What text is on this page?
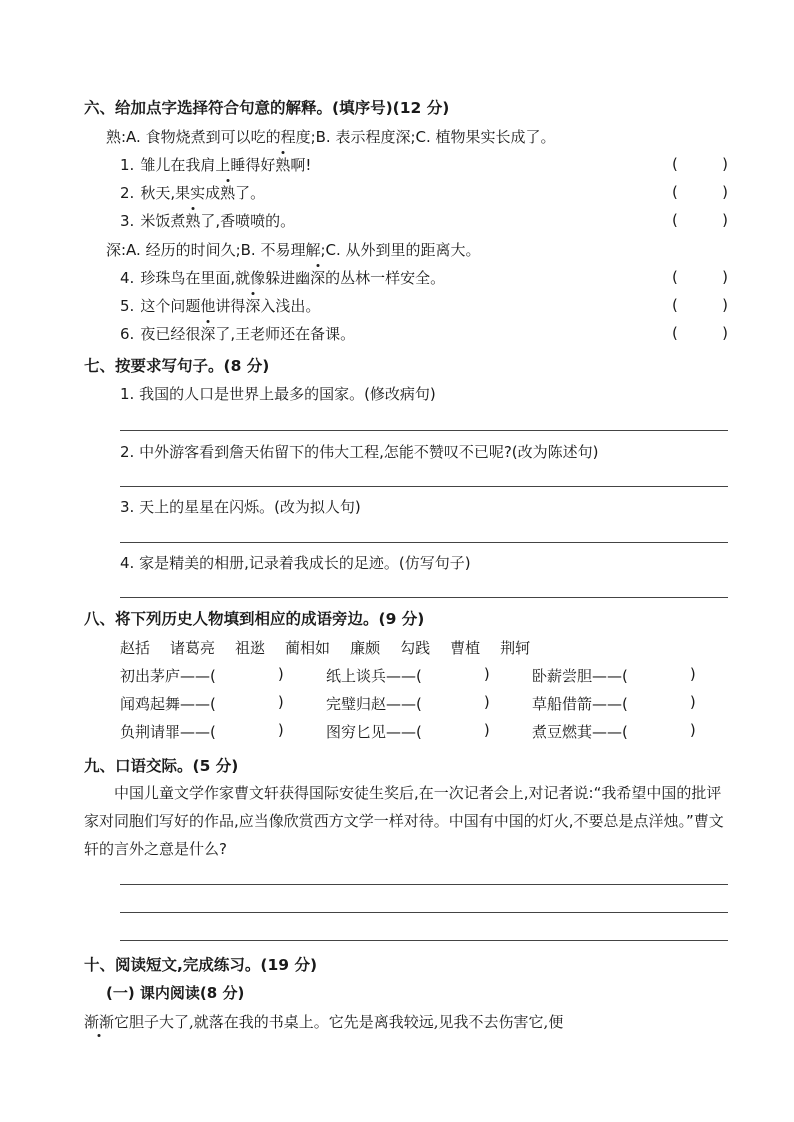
六、给加点字选择符合句意的解释。(填序号)(12 分)
熟:A. 食物烧煮到可以吃的程度;B. 表示程度深;C. 植物果实长成了。
1. 雏儿在我肩上睡得好熟啊!	(	)
2. 秋天,果实成熟了。	(	)
3. 米饭煮熟了,香喷喷的。	(	)
深:A. 经历的时间久;B. 不易理解;C. 从外到里的距离大。
4. 珍珠鸟在里面,就像躲进幽深的丛林一样安全。	(	)
5. 这个问题他讲得深入浅出。	(	)
6. 夜已经很深了,王老师还在备课。	(	)
七、按要求写句子。(8 分)
1. 我国的人口是世界上最多的国家。(修改病句)
2. 中外游客看到詹天佑留下的伟大工程,怎能不赞叹不已呢?(改为陈述句)
3. 天上的星星在闪烁。(改为拟人句)
4. 家是精美的相册,记录着我成长的足迹。(仿写句子)
八、将下列历史人物填到相应的成语旁边。(9 分)
赵括 诸葛亮 祖逖 蔺相如 廉颇 勾践 曹植 荆轲
初出茅庐——(	)	纸上谈兵——(	)	卧薪尝胆——(	)
闻鸡起舞——(	)	完璧归赵——(	)	草船借箭——(	)
负荆请罪——(	)	图穷匕见——(	)	煮豆燃萁——(	)
九、口语交际。(5 分)
中国儿童文学作家曹文轩获得国际安徒生奖后,在一次记者会上,对记者说:“我希望中国的批评家对同胞们写好的作品,应当像欣赏西方文学一样对待。中国有中国的灯火,不要总是点洋烛。”曹文轩的言外之意是什么?
十、阅读短文,完成练习。(19 分)
(一) 课内阅读(8 分)
渐渐它胆子大了,就落在我的书桌上。它先是离我较远,见我不去伤害它,便
